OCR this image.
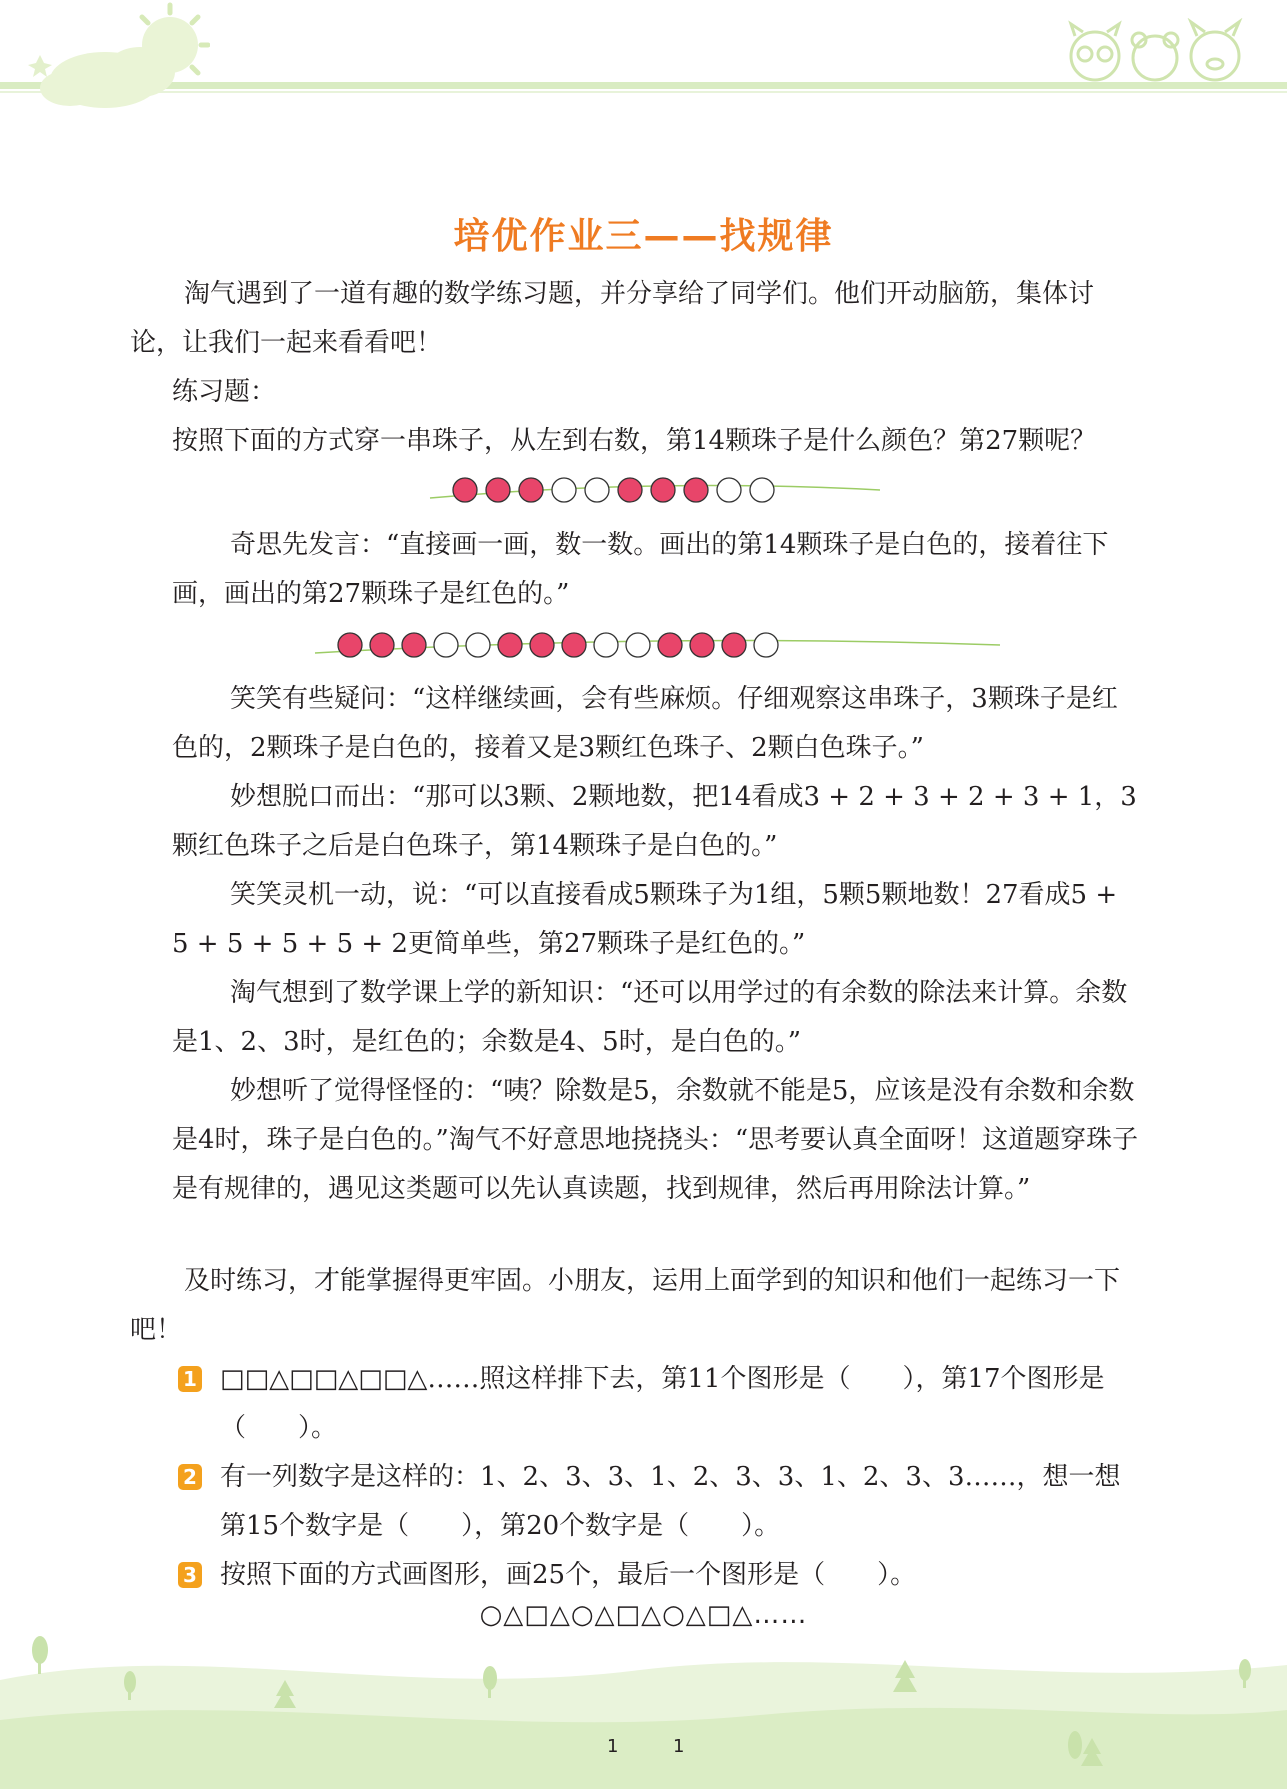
培优作业三——找规律

淘气遇到了一道有趣的数学练习题，并分享给了同学们。他们开动脑筋，集体讨论，让我们一起来看看吧！

练习题：

按照下面的方式穿一串珠子，从左到右数，第14颗珠子是什么颜色？第27颗呢？

奇思先发言：“直接画一画，数一数。画出的第14颗珠子是白色的，接着往下画，画出的第27颗珠子是红色的。”

笑笑有些疑问：“这样继续画，会有些麻烦。仔细观察这串珠子，3颗珠子是红色的，2颗珠子是白色的，接着又是3颗红色珠子、2颗白色珠子。”

妙想脱口而出：“那可以3颗、2颗地数，把14看成3 + 2 + 3 + 2 + 3 + 1，3颗红色珠子之后是白色珠子，第14颗珠子是白色的。”

笑笑灵机一动，说：“可以直接看成5颗珠子为1组，5颗5颗地数！27看成5 + 5 + 5 + 5 + 5 + 2更简单些，第27颗珠子是红色的。”

淘气想到了数学课上学的新知识：“还可以用学过的有余数的除法来计算。余数是1、2、3时，是红色的；余数是4、5时，是白色的。”

妙想听了觉得怪怪的：“咦？除数是5，余数就不能是5，应该是没有余数和余数是4时，珠子是白色的。”淘气不好意思地挠挠头：“思考要认真全面呀！这道题穿珠子是有规律的，遇见这类题可以先认真读题，找到规律，然后再用除法计算。”

及时练习，才能掌握得更牢固。小朋友，运用上面学到的知识和他们一起练习一下吧！

1 □□△□□△□□△……照这样排下去，第11个图形是（　　），第17个图形是（　　）。
2 有一列数字是这样的：1、2、3、3、1、2、3、3、1、2、3、3……，想一想第15个数字是（　　），第20个数字是（　　）。
3 按照下面的方式画图形，画25个，最后一个图形是（　　）。
○△□△○△□△○△□△……
1	1
